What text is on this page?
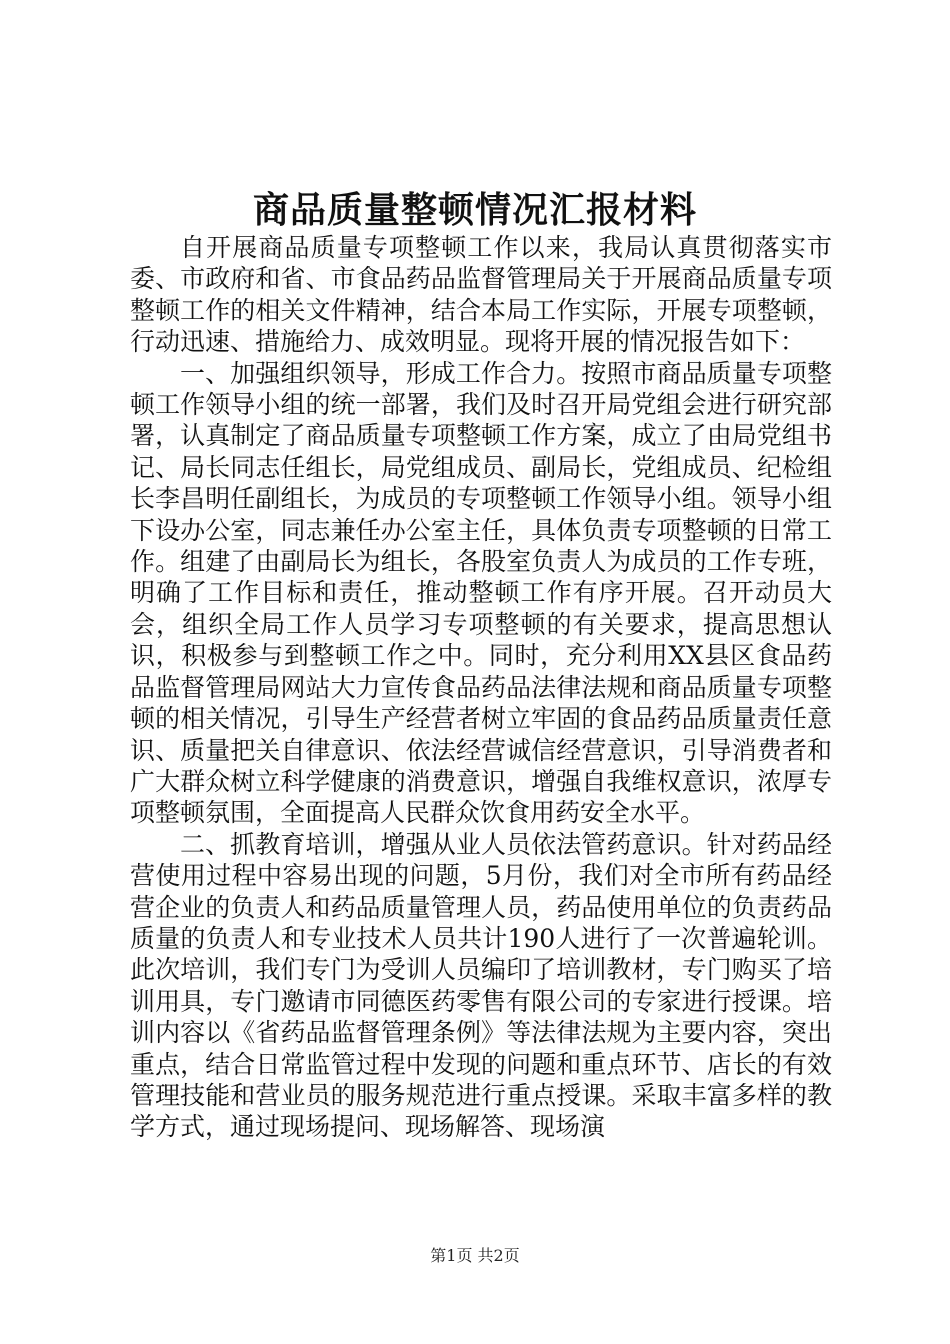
商品质量整顿情况汇报材料

自开展商品质量专项整顿工作以来，我局认真贯彻落实市委、市政府和省、市食品药品监督管理局关于开展商品质量专项整顿工作的相关文件精神，结合本局工作实际，开展专项整顿，行动迅速、措施给力、成效明显。现将开展的情况报告如下：

一、加强组织领导，形成工作合力。按照市商品质量专项整顿工作领导小组的统一部署，我们及时召开局党组会进行研究部署，认真制定了商品质量专项整顿工作方案，成立了由局党组书记、局长同志任组长，局党组成员、副局长，党组成员、纪检组长李昌明任副组长，为成员的专项整顿工作领导小组。领导小组下设办公室，同志兼任办公室主任，具体负责专项整顿的日常工作。组建了由副局长为组长，各股室负责人为成员的工作专班，明确了工作目标和责任，推动整顿工作有序开展。召开动员大会，组织全局工作人员学习专项整顿的有关要求，提高思想认识，积极参与到整顿工作之中。同时，充分利用XX县区食品药品监督管理局网站大力宣传食品药品法律法规和商品质量专项整顿的相关情况，引导生产经营者树立牢固的食品药品质量责任意识、质量把关自律意识、依法经营诚信经营意识，引导消费者和广大群众树立科学健康的消费意识，增强自我维权意识，浓厚专项整顿氛围，全面提高人民群众饮食用药安全水平。

二、抓教育培训，增强从业人员依法管药意识。针对药品经营使用过程中容易出现的问题，5月份，我们对全市所有药品经营企业的负责人和药品质量管理人员，药品使用单位的负责药品质量的负责人和专业技术人员共计190人进行了一次普遍轮训。此次培训，我们专门为受训人员编印了培训教材，专门购买了培训用具，专门邀请市同德医药零售有限公司的专家进行授课。培训内容以《省药品监督管理条例》等法律法规为主要内容，突出重点，结合日常监管过程中发现的问题和重点环节、店长的有效管理技能和营业员的服务规范进行重点授课。采取丰富多样的教学方式，通过现场提问、现场解答、现场演

第1页 共2页
